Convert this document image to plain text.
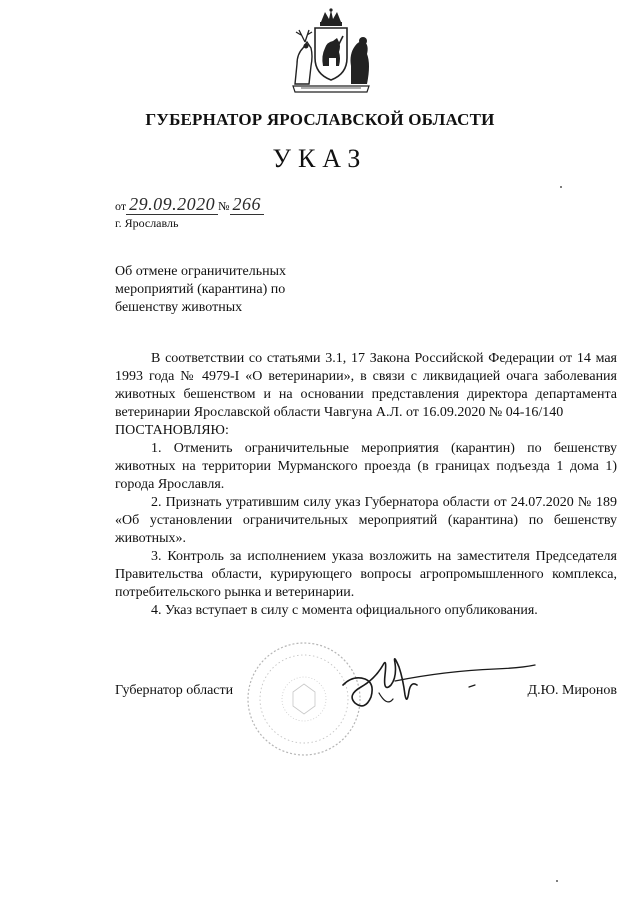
ГУБЕРНАТОР ЯРОСЛАВСКОЙ ОБЛАСТИ
УКАЗ
от 29.09.2020 № 266
г. Ярославль
Об отмене ограничительных
мероприятий (карантина) по
бешенству животных

В соответствии со статьями 3.1, 17 Закона Российской Федерации от 14 мая 1993 года № 4979-I «О ветеринарии», в связи с ликвидацией очага заболевания животных бешенством и на основании представления директора департамента ветеринарии Ярославской области Чавгуна А.Л. от 16.09.2020 № 04-16/140

ПОСТАНОВЛЯЮ:

1. Отменить ограничительные мероприятия (карантин) по бешенству животных на территории Мурманского проезда (в границах подъезда 1 дома 1) города Ярославля.

2. Признать утратившим силу указ Губернатора области от 24.07.2020 № 189 «Об установлении ограничительных мероприятий (карантина) по бешенству животных».

3. Контроль за исполнением указа возложить на заместителя Председателя Правительства области, курирующего вопросы агропромышленного комплекса, потребительского рынка и ветеринарии.

4. Указ вступает в силу с момента официального опубликования.

Губернатор области	Д.Ю. Миронов
